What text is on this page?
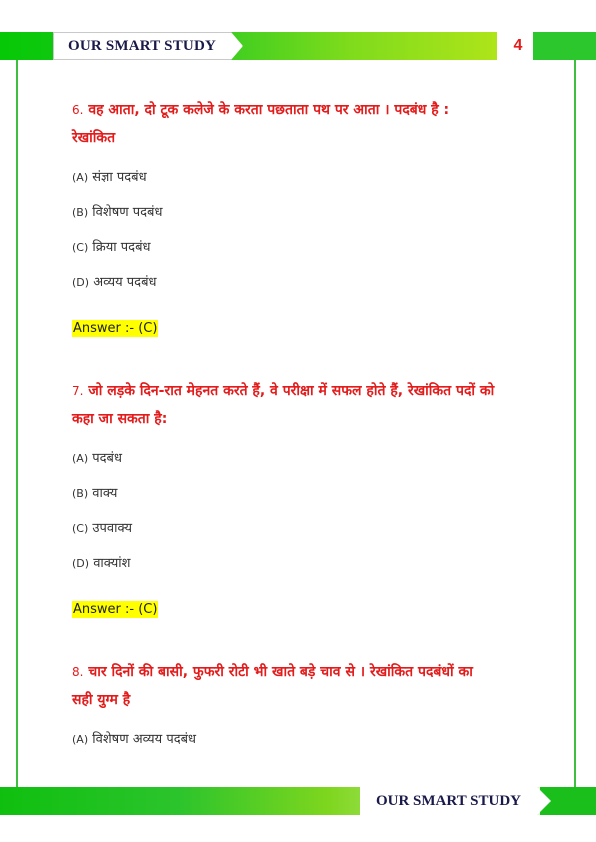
OUR SMART STUDY	4

6. वह आता, दो टूक कलेजे के करता पछताता पथ पर आता । पदबंध है :
रेखांकित

(A) संज्ञा पदबंध

(B) विशेषण पदबंध

(C) क्रिया पदबंध

(D) अव्यय पदबंध

Answer :- (C)

7. जो लड़के दिन-रात मेहनत करते हैं, वे परीक्षा में सफल होते हैं, रेखांकित पदों को
कहा जा सकता है:

(A) पदबंध

(B) वाक्य

(C) उपवाक्य

(D) वाक्यांश

Answer :- (C)

8. चार दिनों की बासी, फुफरी रोटी भी खाते बड़े चाव से । रेखांकित पदबंधों का
सही युग्म है

(A) विशेषण अव्यय पदबंध

OUR SMART STUDY
